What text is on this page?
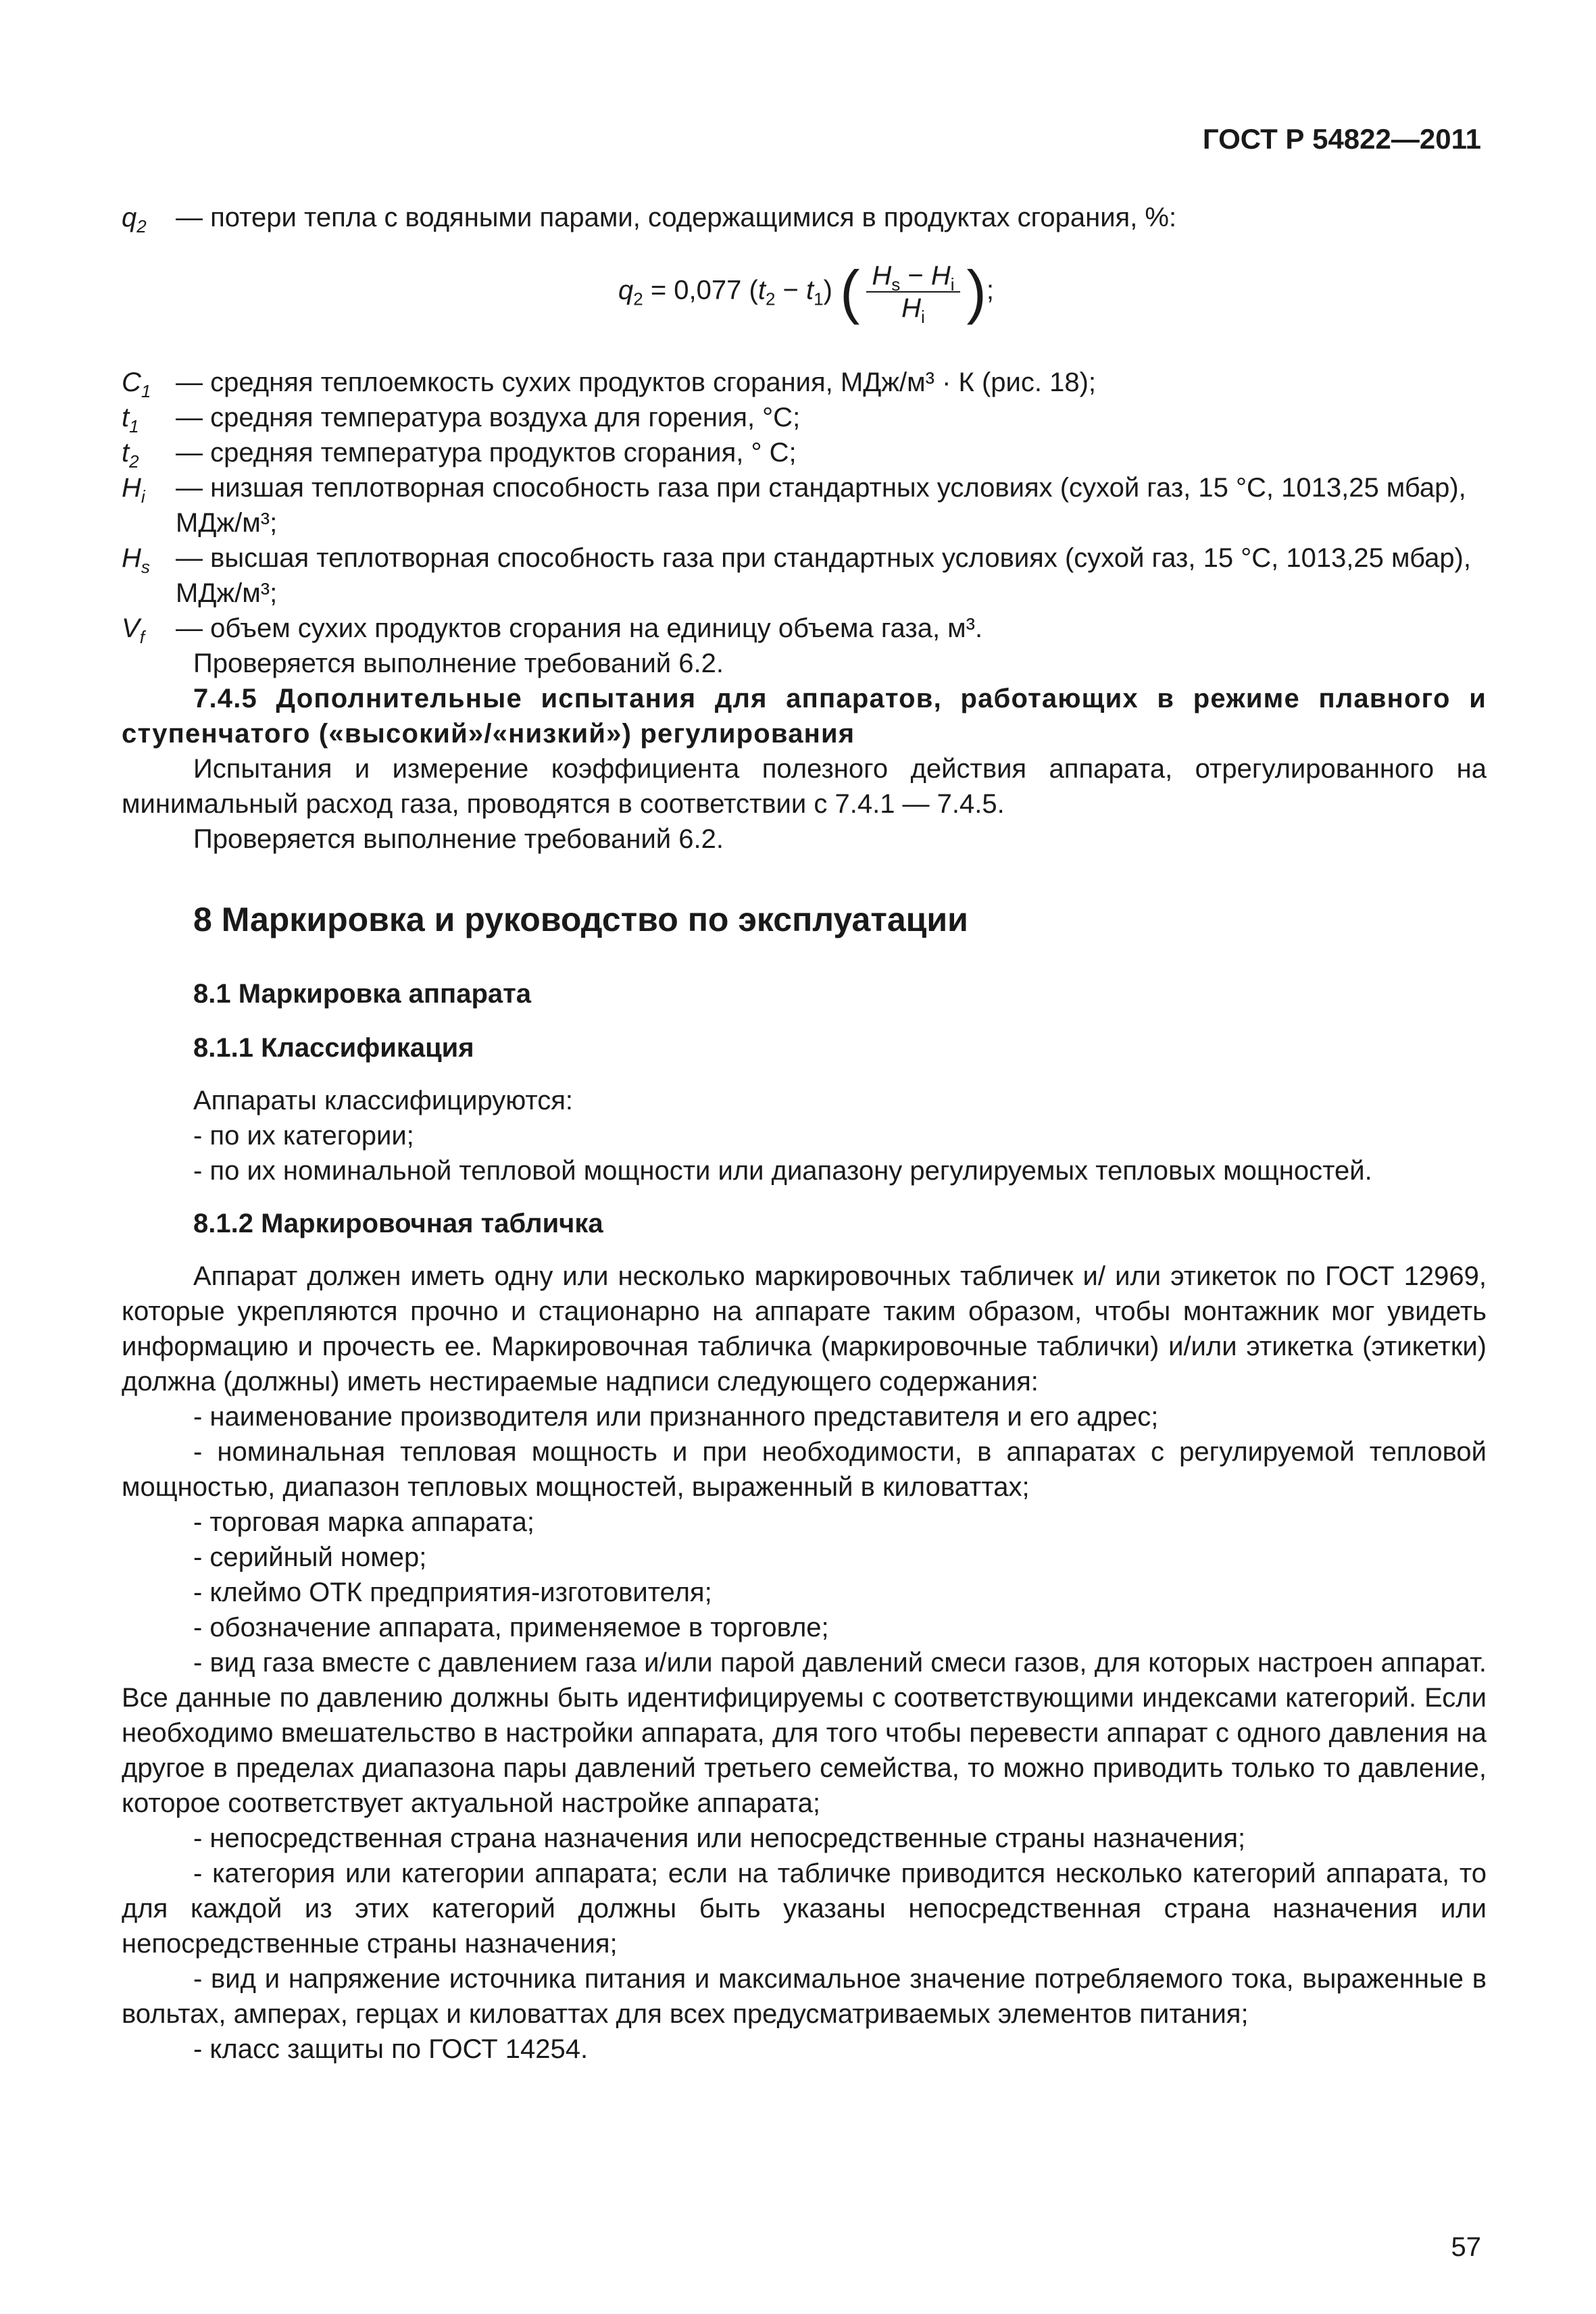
ГОСТ Р 54822—2011
$q_2$	— потери тепла с водяными парами, содержащимися в продуктах сгорания, %:
$q_2 = 0,077$ $(t_2 - t_1)$ ( $\frac{H_s - H_i}{H_i}$ );
$C_1$ — средняя теплоемкость сухих продуктов сгорания, МДж/м³ · К (рис. 18);
$t_1$	— средняя температура воздуха для горения, °С;
$t_2$	— средняя температура продуктов сгорания, ° С;
$H_i$	— низшая теплотворная способность газа при стандартных условиях (сухой газ, 15 °С, 1013,25 мбар),
МДж/м³;
$H_s$ — высшая теплотворная способность газа при стандартных условиях (сухой газ, 15 °С, 1013,25 мбар),
МДж/м³;
$V_f$	— объем сухих продуктов сгорания на единицу объема газа, м³.
Проверяется выполнение требований 6.2.
7.4.5 Дополнительные испытания для аппаратов, работающих в режиме плавного и ступенчатого («высокий»/«низкий») регулирования
Испытания и измерение коэффициента полезного действия аппарата, отрегулированного на минимальный расход газа, проводятся в соответствии с 7.4.1 — 7.4.5.
Проверяется выполнение требований 6.2.
8 Маркировка и руководство по эксплуатации
8.1 Маркировка аппарата
8.1.1 Классификация
Аппараты классифицируются:
- по их категории;
- по их номинальной тепловой мощности или диапазону регулируемых тепловых мощностей.
8.1.2 Маркировочная табличка
Аппарат должен иметь одну или несколько маркировочных табличек и/ или этикеток по ГОСТ 12969, которые укрепляются прочно и стационарно на аппарате таким образом, чтобы монтажник мог увидеть информацию и прочесть ее. Маркировочная табличка (маркировочные таблички) и/или этикетка (этикетки) должна (должны) иметь нестираемые надписи следующего содержания:
- наименование производителя или признанного представителя и его адрес;
- номинальная тепловая мощность и при необходимости, в аппаратах с регулируемой тепловой мощностью, диапазон тепловых мощностей, выраженный в киловаттах;
- торговая марка аппарата;
- серийный номер;
- клеймо ОТК предприятия-изготовителя;
- обозначение аппарата, применяемое в торговле;
- вид газа вместе с давлением газа и/или парой давлений смеси газов, для которых настроен аппарат. Все данные по давлению должны быть идентифицируемы с соответствующими индексами категорий. Если необходимо вмешательство в настройки аппарата, для того чтобы перевести аппарат с одного давления на другое в пределах диапазона пары давлений третьего семейства, то можно приводить только то давление, которое соответствует актуальной настройке аппарата;
- непосредственная страна назначения или непосредственные страны назначения;
- категория или категории аппарата; если на табличке приводится несколько категорий аппарата, то для каждой из этих категорий должны быть указаны непосредственная страна назначения или непосредственные страны назначения;
- вид и напряжение источника питания и максимальное значение потребляемого тока, выраженные в вольтах, амперах, герцах и киловаттах для всех предусматриваемых элементов питания;
- класс защиты по ГОСТ 14254.
57
